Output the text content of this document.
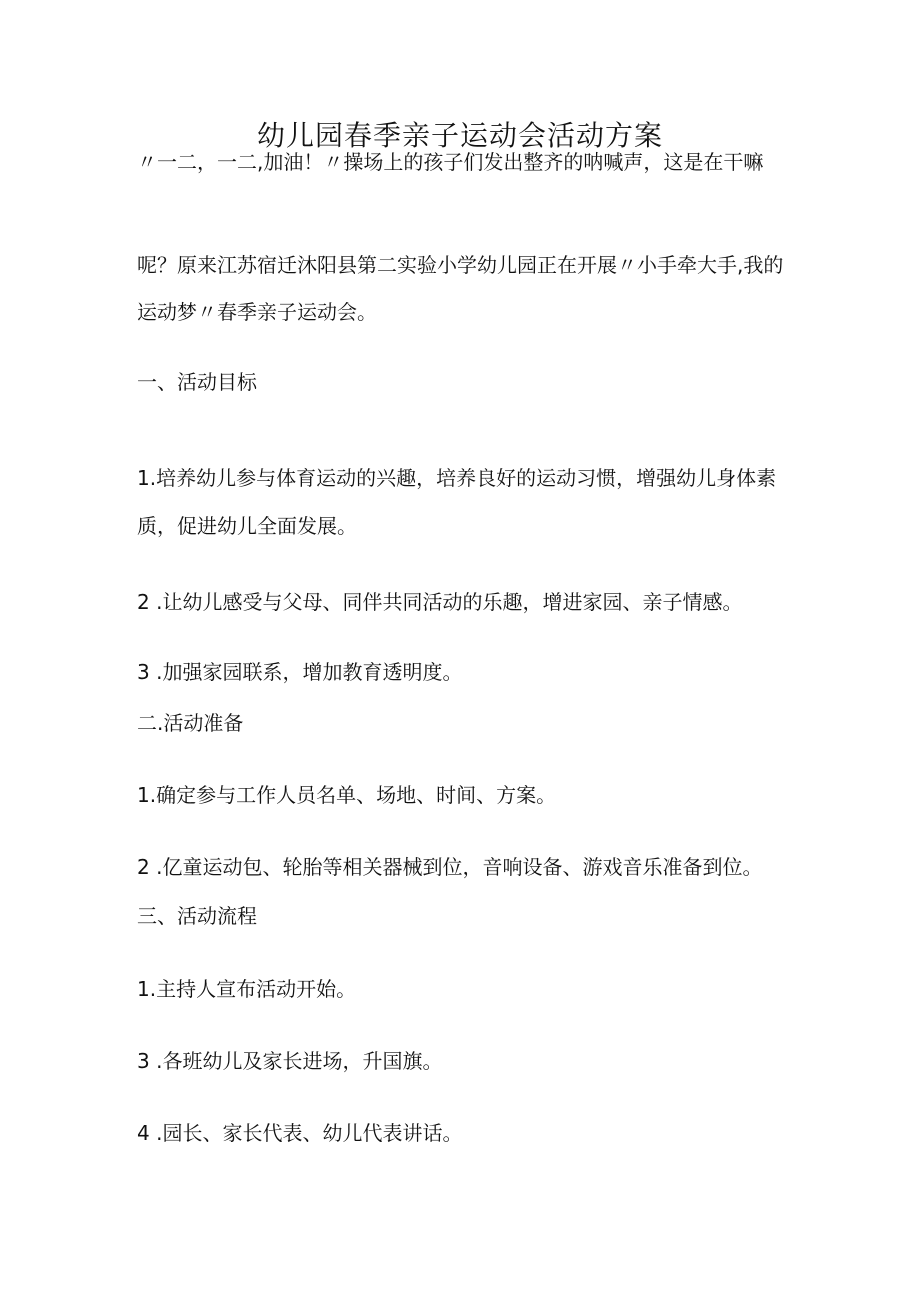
幼儿园春季亲子运动会活动方案
〃一二，一二,加油！〃操场上的孩子们发出整齐的呐喊声，这是在干嘛
呢？原来江苏宿迁沐阳县第二实验小学幼儿园正在开展〃小手牵大手,我的
运动梦〃春季亲子运动会。
一、活动目标
1.培养幼儿参与体育运动的兴趣，培养良好的运动习惯，增强幼儿身体素
质，促进幼儿全面发展。
2 .让幼儿感受与父母、同伴共同活动的乐趣，增进家园、亲子情感。
3 .加强家园联系，增加教育透明度。
二.活动准备
1.确定参与工作人员名单、场地、时间、方案。
2 .亿童运动包、轮胎等相关器械到位，音响设备、游戏音乐准备到位。
三、活动流程
1.主持人宣布活动开始。
3 .各班幼儿及家长进场，升国旗。
4 .园长、家长代表、幼儿代表讲话。
